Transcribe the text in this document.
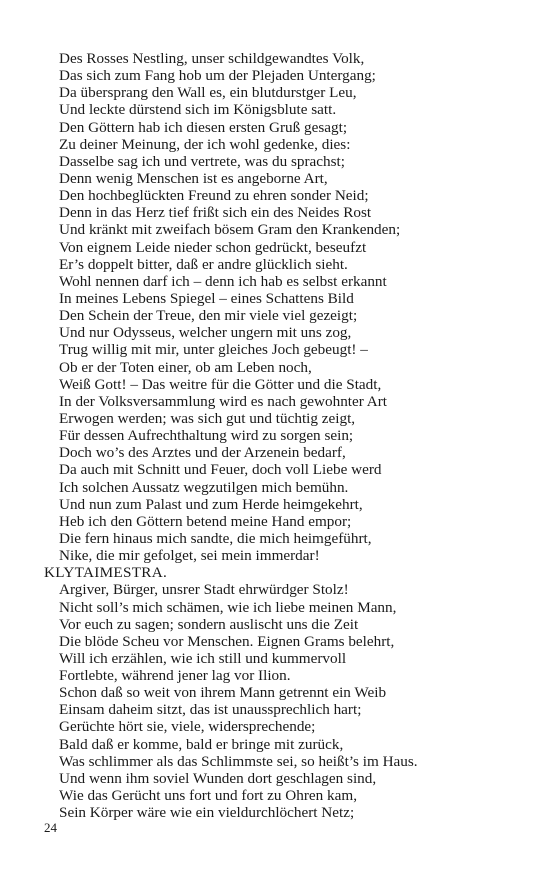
Des Rosses Nestling, unser schildgewandtes Volk,
Das sich zum Fang hob um der Plejaden Untergang;
Da übersprang den Wall es, ein blutdurstger Leu,
Und leckte dürstend sich im Königsblute satt.
Den Göttern hab ich diesen ersten Gruß gesagt;
Zu deiner Meinung, der ich wohl gedenke, dies:
Dasselbe sag ich und vertrete, was du sprachst;
Denn wenig Menschen ist es angeborne Art,
Den hochbeglückten Freund zu ehren sonder Neid;
Denn in das Herz tief frißt sich ein des Neides Rost
Und kränkt mit zweifach bösem Gram den Krankenden;
Von eignem Leide nieder schon gedrückt, beseufzt
Er’s doppelt bitter, daß er andre glücklich sieht.
Wohl nennen darf ich – denn ich hab es selbst erkannt
In meines Lebens Spiegel – eines Schattens Bild
Den Schein der Treue, den mir viele viel gezeigt;
Und nur Odysseus, welcher ungern mit uns zog,
Trug willig mit mir, unter gleiches Joch gebeugt! –
Ob er der Toten einer, ob am Leben noch,
Weiß Gott! – Das weitre für die Götter und die Stadt,
In der Volksversammlung wird es nach gewohnter Art
Erwogen werden; was sich gut und tüchtig zeigt,
Für dessen Aufrechthaltung wird zu sorgen sein;
Doch wo’s des Arztes und der Arzenein bedarf,
Da auch mit Schnitt und Feuer, doch voll Liebe werd
Ich solchen Aussatz wegzutilgen mich bemühn.
Und nun zum Palast und zum Herde heimgekehrt,
Heb ich den Göttern betend meine Hand empor;
Die fern hinaus mich sandte, die mich heimgeführt,
Nike, die mir gefolget, sei mein immerdar!
KLYTAIMESTRA.
Argiver, Bürger, unsrer Stadt ehrwürdger Stolz!
Nicht soll’s mich schämen, wie ich liebe meinen Mann,
Vor euch zu sagen; sondern auslischt uns die Zeit
Die blöde Scheu vor Menschen. Eignen Grams belehrt,
Will ich erzählen, wie ich still und kummervoll
Fortlebte, während jener lag vor Ilion.
Schon daß so weit von ihrem Mann getrennt ein Weib
Einsam daheim sitzt, das ist unaussprechlich hart;
Gerüchte hört sie, viele, widersprechende;
Bald daß er komme, bald er bringe mit zurück,
Was schlimmer als das Schlimmste sei, so heißt’s im Haus.
Und wenn ihm soviel Wunden dort geschlagen sind,
Wie das Gerücht uns fort und fort zu Ohren kam,
Sein Körper wäre wie ein vieldurchlöchert Netz;
24
